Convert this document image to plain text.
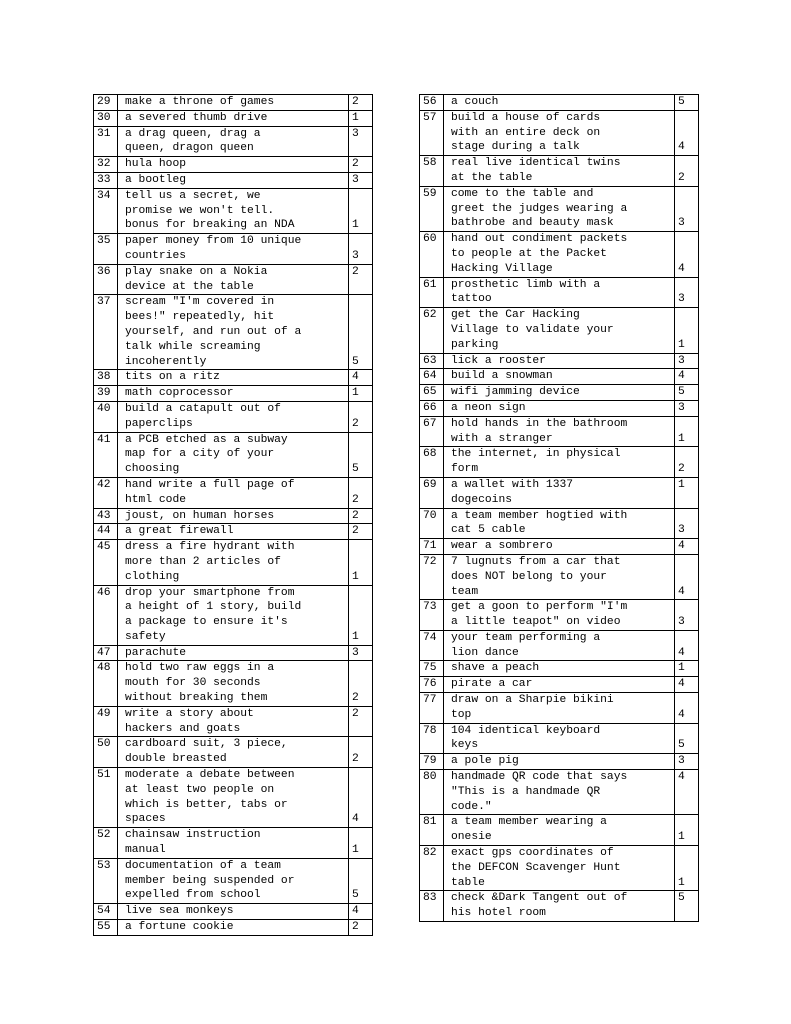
29	make a throne of games	2
30	a severed thumb drive	1
31	a drag queen, drag a
queen, dragon queen	3
32	hula hoop	2
33	a bootleg	3
34	tell us a secret, we
promise we won't tell.
bonus for breaking an NDA	1
35	paper money from 10 unique
countries	3
36	play snake on a Nokia
device at the table	2
37	scream "I'm covered in
bees!" repeatedly, hit
yourself, and run out of a
talk while screaming
incoherently	5
38	tits on a ritz	4
39	math coprocessor	1
40	build a catapult out of
paperclips	2
41	a PCB etched as a subway
map for a city of your
choosing	5
42	hand write a full page of
html code	2
43	joust, on human horses	2
44	a great firewall	2
45	dress a fire hydrant with
more than 2 articles of
clothing	1
46	drop your smartphone from
a height of 1 story, build
a package to ensure it's
safety	1
47	parachute	3
48	hold two raw eggs in a
mouth for 30 seconds
without breaking them	2
49	write a story about
hackers and goats	2
50	cardboard suit, 3 piece,
double breasted	2
51	moderate a debate between
at least two people on
which is better, tabs or
spaces	4
52	chainsaw instruction
manual	1
53	documentation of a team
member being suspended or
expelled from school	5
54	live sea monkeys	4
55	a fortune cookie	2
56	a couch	5
57	build a house of cards
with an entire deck on
stage during a talk	4
58	real live identical twins
at the table	2
59	come to the table and
greet the judges wearing a
bathrobe and beauty mask	3
60	hand out condiment packets
to people at the Packet
Hacking Village	4
61	prosthetic limb with a
tattoo	3
62	get the Car Hacking
Village to validate your
parking	1
63	lick a rooster	3
64	build a snowman	4
65	wifi jamming device	5
66	a neon sign	3
67	hold hands in the bathroom
with a stranger	1
68	the internet, in physical
form	2
69	a wallet with 1337
dogecoins	1
70	a team member hogtied with
cat 5 cable	3
71	wear a sombrero	4
72	7 lugnuts from a car that
does NOT belong to your
team	4
73	get a goon to perform "I'm
a little teapot" on video	3
74	your team performing a
lion dance	4
75	shave a peach	1
76	pirate a car	4
77	draw on a Sharpie bikini
top	4
78	104 identical keyboard
keys	5
79	a pole pig	3
80	handmade QR code that says
"This is a handmade QR
code."	4
81	a team member wearing a
onesie	1
82	exact gps coordinates of
the DEFCON Scavenger Hunt
table	1
83	check &Dark Tangent out of
his hotel room	5
